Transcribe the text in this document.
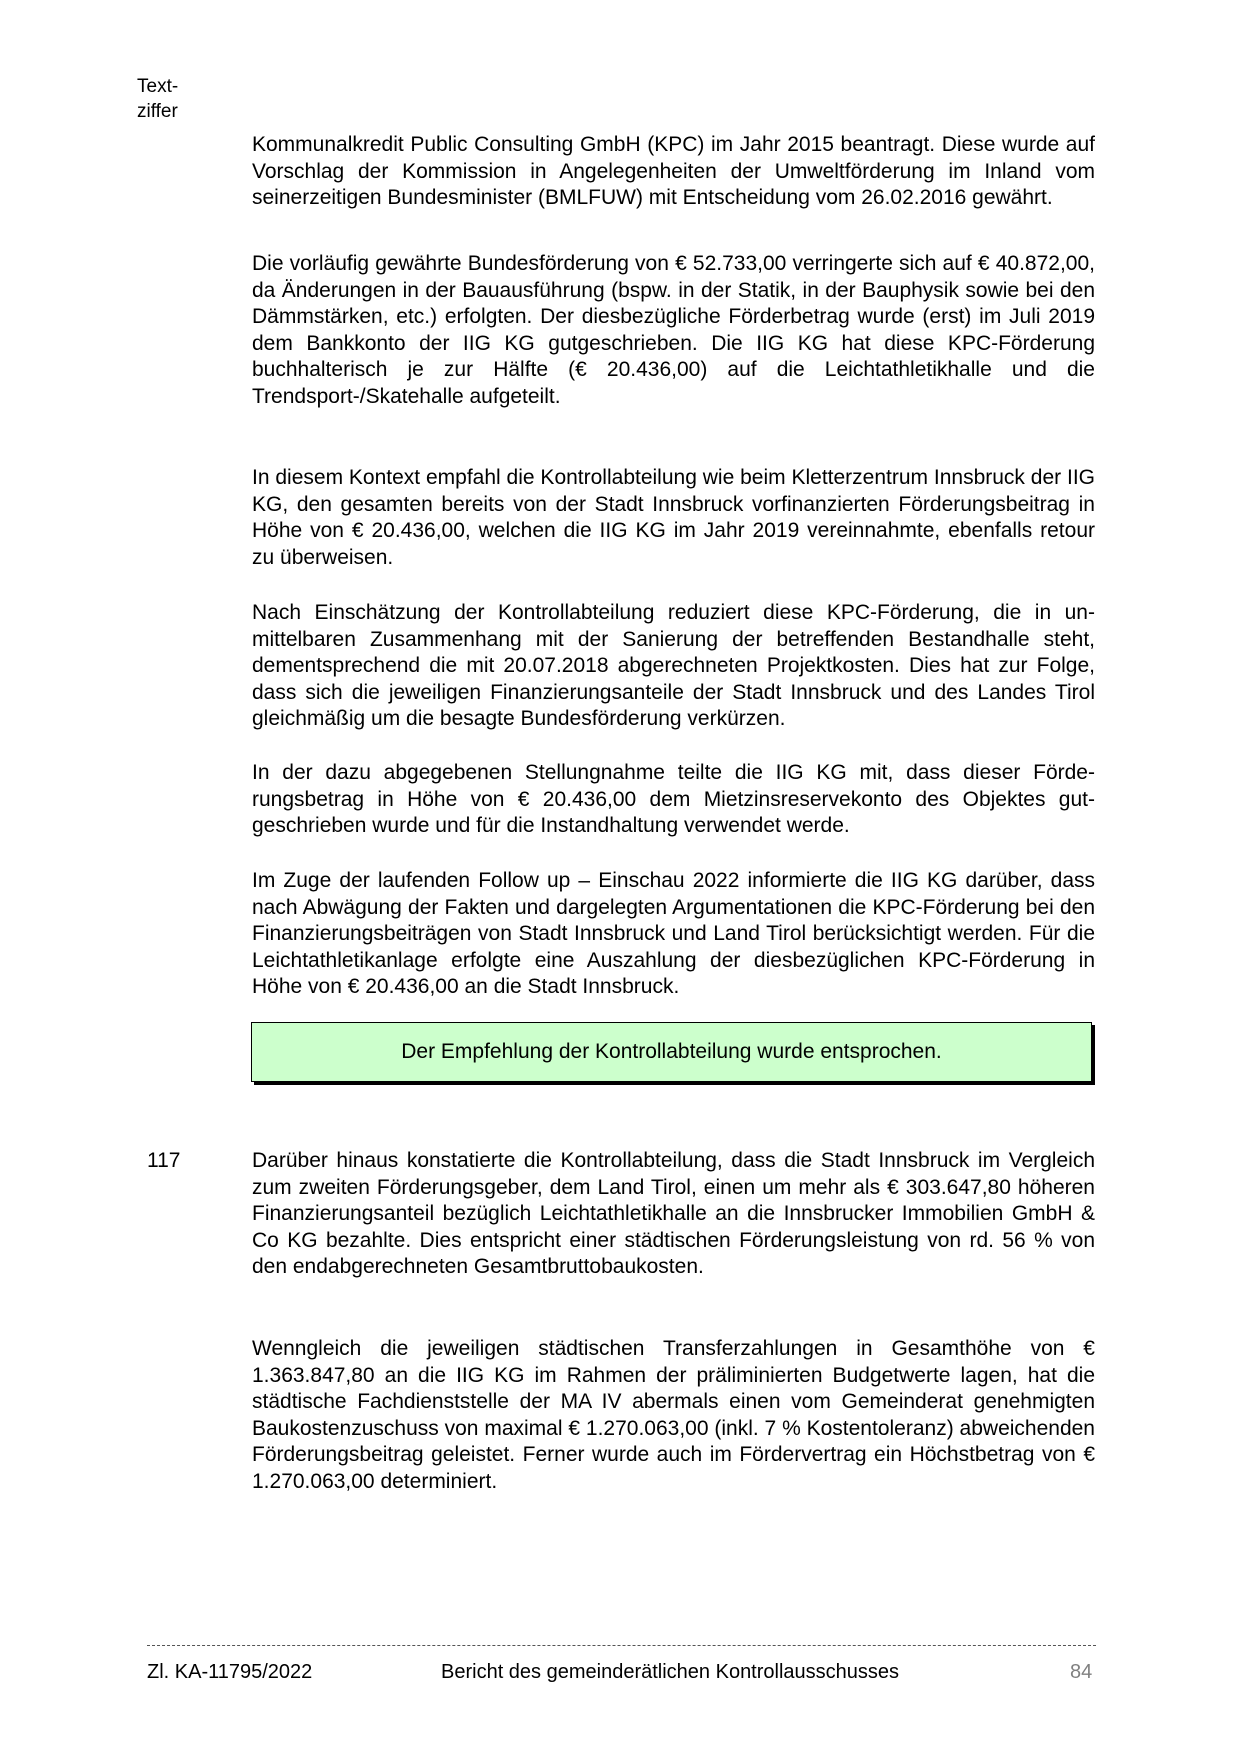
Text-
ziffer

Kommunalkredit Public Consulting GmbH (KPC) im Jahr 2015 beantragt. Diese wurde auf Vorschlag der Kommission in Angelegenheiten der Umweltförderung im Inland vom seinerzeitigen Bundesminister (BMLFUW) mit Entscheidung vom 26.02.2016 gewährt.

Die vorläufig gewährte Bundesförderung von € 52.733,00 verringerte sich auf € 40.872,00, da Änderungen in der Bauausführung (bspw. in der Statik, in der Bauphysik sowie bei den Dämmstärken, etc.) erfolgten. Der diesbezügliche Förderbetrag wurde (erst) im Juli 2019 dem Bankkonto der IIG KG gutgeschrieben. Die IIG KG hat diese KPC-Förderung buchhalterisch je zur Hälfte (€ 20.436,00) auf die Leichtathletikhalle und die Trendsport-/Skatehalle aufgeteilt.

In diesem Kontext empfahl die Kontrollabteilung wie beim Kletterzentrum Innsbruck der IIG KG, den gesamten bereits von der Stadt Innsbruck vorfinanzierten Förderungsbeitrag in Höhe von € 20.436,00, welchen die IIG KG im Jahr 2019 vereinnahmte, ebenfalls retour zu überweisen.

Nach Einschätzung der Kontrollabteilung reduziert diese KPC-Förderung, die in unmittelbaren Zusammenhang mit der Sanierung der betreffenden Bestandhalle steht, dementsprechend die mit 20.07.2018 abgerechneten Projektkosten. Dies hat zur Folge, dass sich die jeweiligen Finanzierungsanteile der Stadt Innsbruck und des Landes Tirol gleichmäßig um die besagte Bundesförderung verkürzen.

In der dazu abgegebenen Stellungnahme teilte die IIG KG mit, dass dieser Förderungsbetrag in Höhe von € 20.436,00 dem Mietzinsreservekonto des Objektes gutgeschrieben wurde und für die Instandhaltung verwendet werde.

Im Zuge der laufenden Follow up – Einschau 2022 informierte die IIG KG darüber, dass nach Abwägung der Fakten und dargelegten Argumentationen die KPC-Förderung bei den Finanzierungsbeiträgen von Stadt Innsbruck und Land Tirol berücksichtigt werden. Für die Leichtathletikanlage erfolgte eine Auszahlung der diesbezüglichen KPC-Förderung in Höhe von € 20.436,00 an die Stadt Innsbruck.

Der Empfehlung der Kontrollabteilung wurde entsprochen.
117	Darüber hinaus konstatierte die Kontrollabteilung, dass die Stadt Innsbruck im Vergleich zum zweiten Förderungsgeber, dem Land Tirol, einen um mehr als € 303.647,80 höheren Finanzierungsanteil bezüglich Leichtathletikhalle an die Innsbrucker Immobilien GmbH & Co KG bezahlte. Dies entspricht einer städtischen Förderungsleistung von rd. 56 % von den endabgerechneten Gesamtbruttobaukosten.

Wenngleich die jeweiligen städtischen Transferzahlungen in Gesamthöhe von € 1.363.847,80 an die IIG KG im Rahmen der präliminierten Budgetwerte lagen, hat die städtische Fachdienststelle der MA IV abermals einen vom Gemeinderat genehmigten Baukostenzuschuss von maximal € 1.270.063,00 (inkl. 7 % Kostentoleranz) abweichenden Förderungsbeitrag geleistet. Ferner wurde auch im Fördervertrag ein Höchstbetrag von € 1.270.063,00 determiniert.

Zl. KA-11795/2022	Bericht des gemeinderätlichen Kontrollausschusses	84
